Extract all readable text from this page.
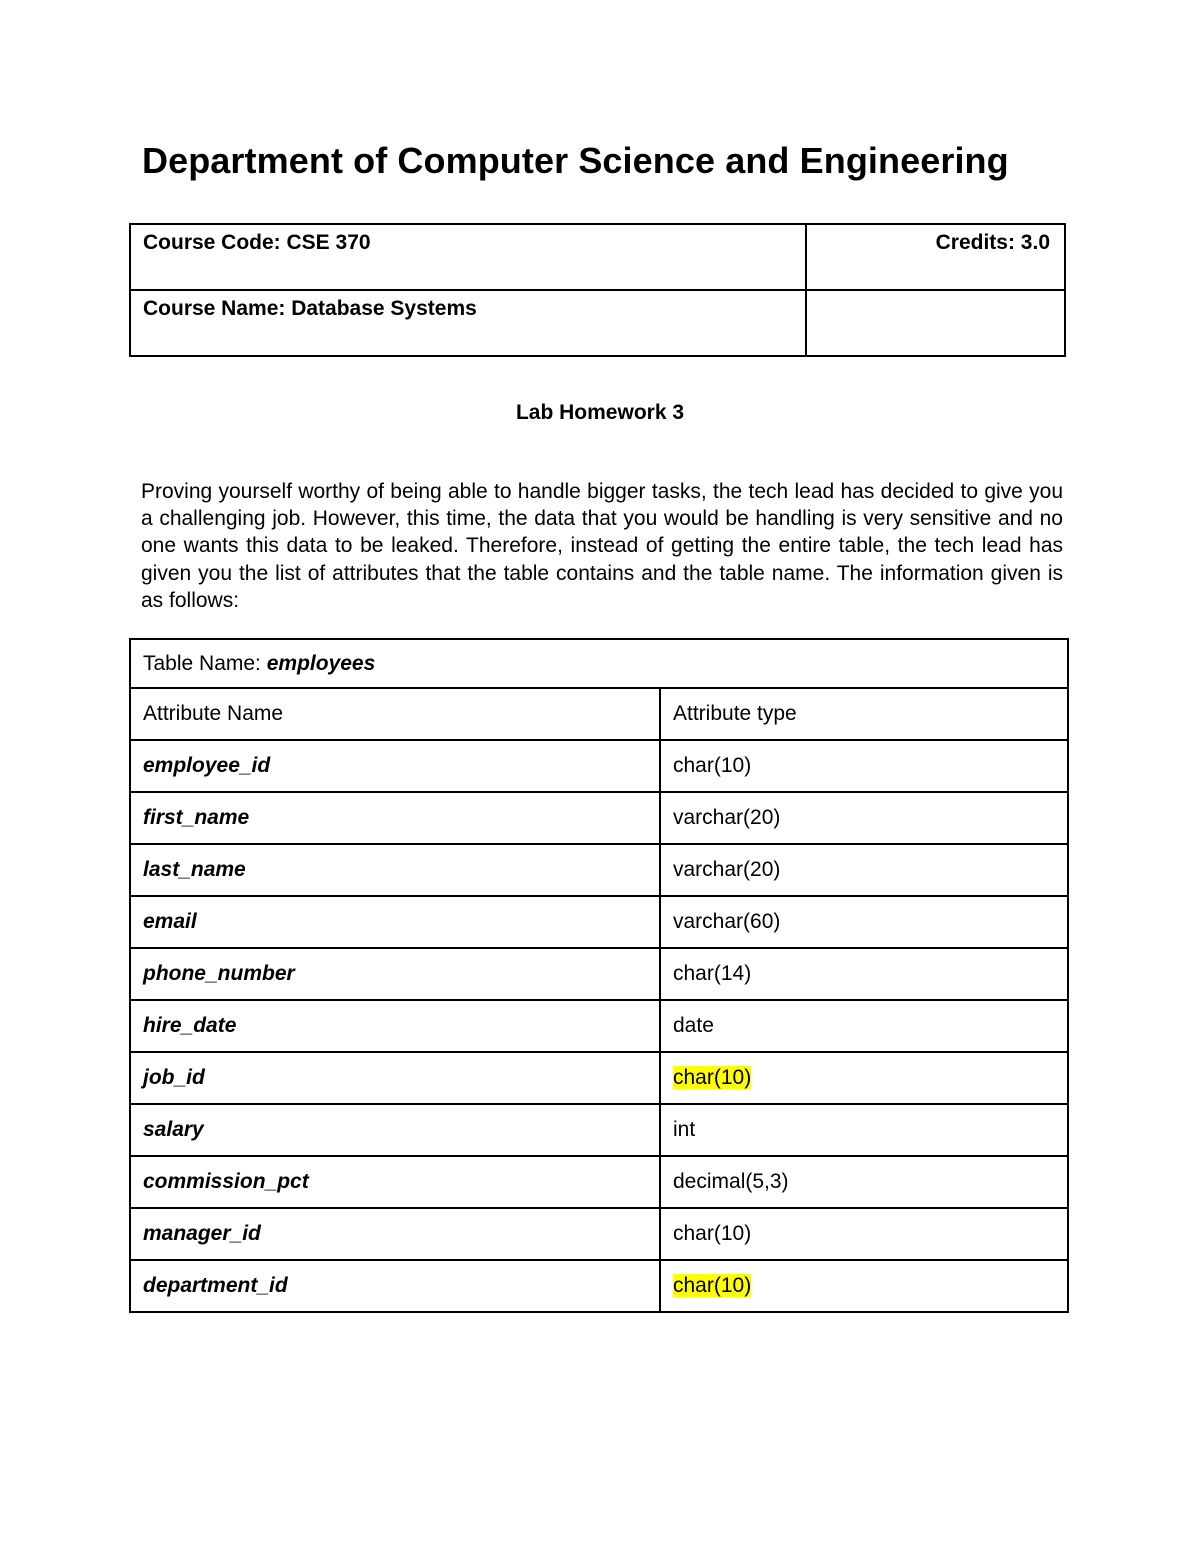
Department of Computer Science and Engineering
Course Code: CSE 370	Credits: 3.0
Course Name: Database Systems	
Lab Homework 3

Proving yourself worthy of being able to handle bigger tasks, the tech lead has decided to give you a challenging job. However, this time, the data that you would be handling is very sensitive and no one wants this data to be leaked. Therefore, instead of getting the entire table, the tech lead has given you the list of attributes that the table contains and the table name. The information given is as follows:

Table Name: employees	
Attribute Name	Attribute type
employee_id	char(10)
first_name	varchar(20)
last_name	varchar(20)
email	varchar(60)
phone_number	char(14)
hire_date	date
job_id	char(10)
salary	int
commission_pct	decimal(5,3)
manager_id	char(10)
department_id	char(10)
